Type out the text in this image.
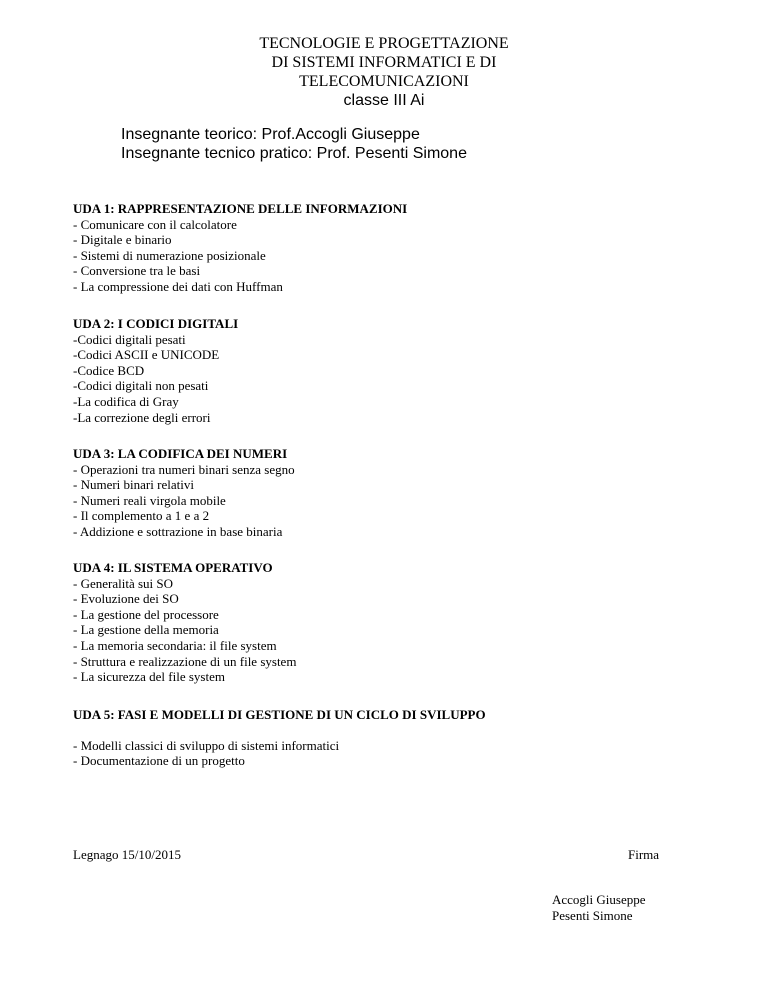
TECNOLOGIE E PROGETTAZIONE
DI SISTEMI INFORMATICI E DI
TELECOMUNICAZIONI
classe III Ai
Insegnante teorico: Prof.Accogli Giuseppe
Insegnante tecnico pratico: Prof. Pesenti Simone
UDA 1: RAPPRESENTAZIONE DELLE INFORMAZIONI
- Comunicare con il calcolatore
- Digitale e binario
- Sistemi di numerazione posizionale
- Conversione tra le basi
- La compressione dei dati con Huffman
UDA 2: I CODICI DIGITALI
-Codici digitali pesati
-Codici ASCII e UNICODE
-Codice BCD
-Codici digitali non pesati
-La codifica di Gray
-La correzione degli errori
UDA 3: LA CODIFICA DEI NUMERI
- Operazioni tra numeri binari senza segno
- Numeri binari relativi
- Numeri reali virgola mobile
- Il complemento a 1 e a 2
- Addizione e sottrazione in base binaria
UDA 4: IL SISTEMA OPERATIVO
- Generalità sui SO
- Evoluzione dei SO
- La gestione del processore
- La gestione della memoria
- La memoria secondaria: il file system
- Struttura e realizzazione di un file system
- La sicurezza del file system
UDA 5: FASI E MODELLI DI GESTIONE DI UN CICLO DI SVILUPPO
- Modelli classici di sviluppo di sistemi informatici
- Documentazione di un progetto
Legnago 15/10/2015	Firma
Accogli Giuseppe
Pesenti Simone
